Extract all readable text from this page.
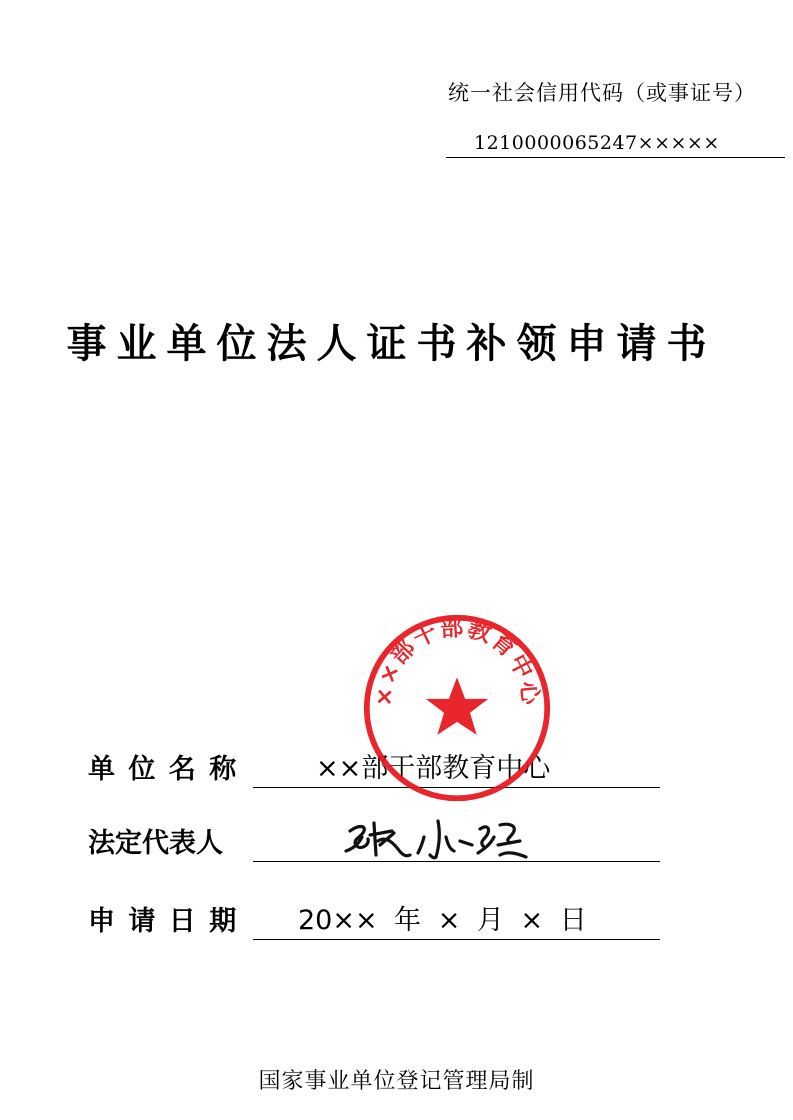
统一社会信用代码（或事证号）
1210000065247×××××
事业单位法人证书补领申请书
单 位 名 称	××部干部教育中心
法定代表人
申 请 日 期 20×× 年 × 月 × 日
××部干部教育中心
国家事业单位登记管理局制
